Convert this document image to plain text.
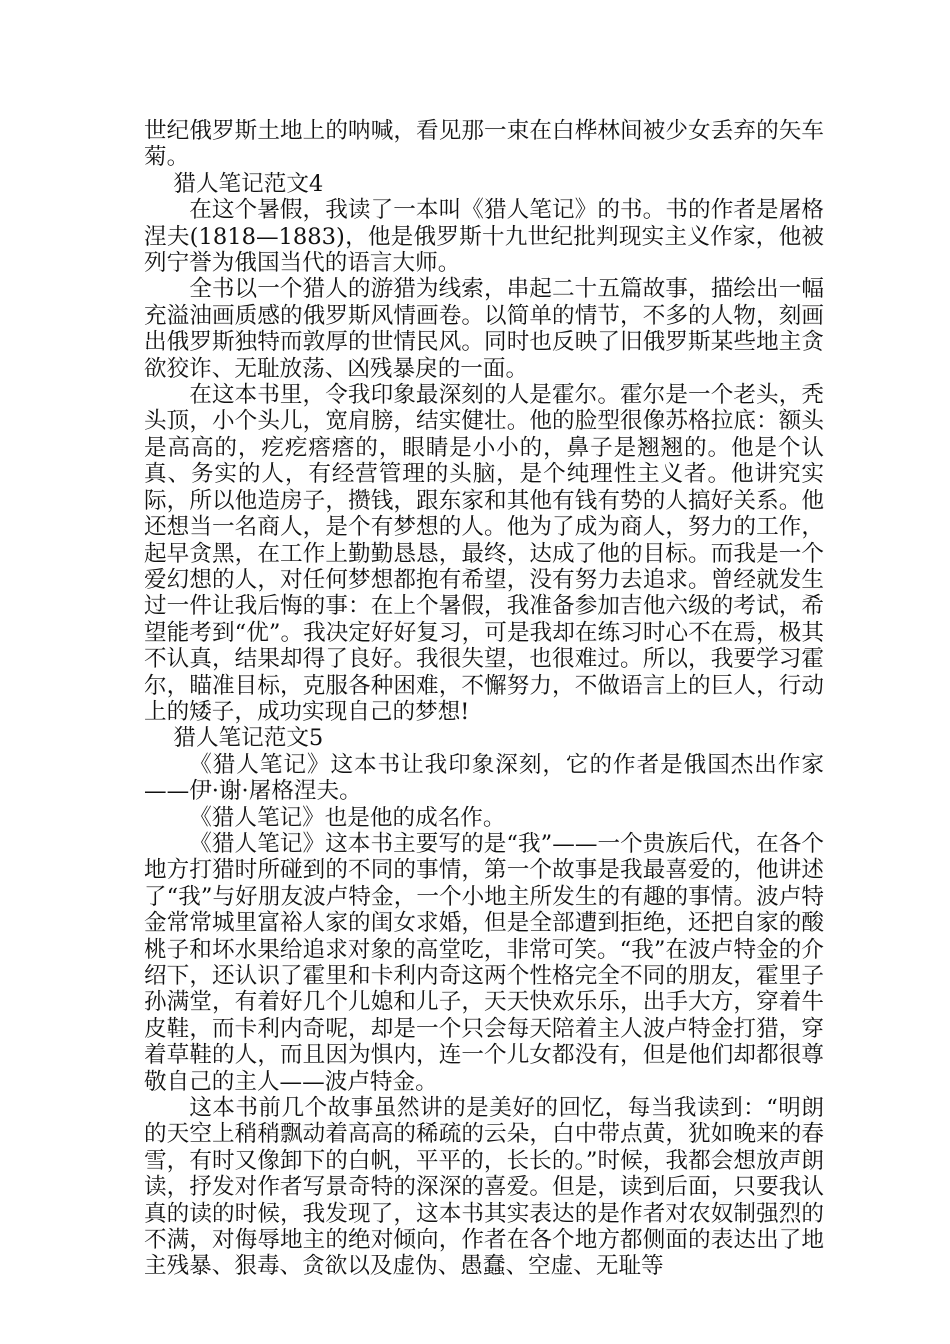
世纪俄罗斯土地上的呐喊，看见那一束在白桦林间被少女丢弃的矢车菊。

猎人笔记范文4

在这个暑假，我读了一本叫《猎人笔记》的书。书的作者是屠格涅夫(1818—1883)，他是俄罗斯十九世纪批判现实主义作家，他被列宁誉为俄国当代的语言大师。

全书以一个猎人的游猎为线索，串起二十五篇故事，描绘出一幅充溢油画质感的俄罗斯风情画卷。以简单的情节，不多的人物，刻画出俄罗斯独特而敦厚的世情民风。同时也反映了旧俄罗斯某些地主贪欲狡诈、无耻放荡、凶残暴戾的一面。

在这本书里，令我印象最深刻的人是霍尔。霍尔是一个老头，秃头顶，小个头儿，宽肩膀，结实健壮。他的脸型很像苏格拉底：额头是高高的，疙疙瘩瘩的，眼睛是小小的，鼻子是翘翘的。他是个认真、务实的人，有经营管理的头脑，是个纯理性主义者。他讲究实际，所以他造房子，攒钱，跟东家和其他有钱有势的人搞好关系。他还想当一名商人，是个有梦想的人。他为了成为商人，努力的工作，起早贪黑，在工作上勤勤恳恳，最终，达成了他的目标。而我是一个爱幻想的人，对任何梦想都抱有希望，没有努力去追求。曾经就发生过一件让我后悔的事：在上个暑假，我准备参加吉他六级的考试，希望能考到“优”。我决定好好复习，可是我却在练习时心不在焉，极其不认真，结果却得了良好。我很失望，也很难过。所以，我要学习霍尔，瞄准目标，克服各种困难，不懈努力，不做语言上的巨人，行动上的矮子，成功实现自己的梦想!

猎人笔记范文5

《猎人笔记》这本书让我印象深刻，它的作者是俄国杰出作家——伊·谢·屠格涅夫。

《猎人笔记》也是他的成名作。

《猎人笔记》这本书主要写的是“我”——一个贵族后代，在各个地方打猎时所碰到的不同的事情，第一个故事是我最喜爱的，他讲述了“我”与好朋友波卢特金，一个小地主所发生的有趣的事情。波卢特金常常城里富裕人家的闺女求婚，但是全部遭到拒绝，还把自家的酸桃子和坏水果给追求对象的高堂吃，非常可笑。“我”在波卢特金的介绍下，还认识了霍里和卡利内奇这两个性格完全不同的朋友，霍里子孙满堂，有着好几个儿媳和儿子，天天快欢乐乐，出手大方，穿着牛皮鞋，而卡利内奇呢，却是一个只会每天陪着主人波卢特金打猎，穿着草鞋的人，而且因为惧内，连一个儿女都没有，但是他们却都很尊敬自己的主人——波卢特金。

这本书前几个故事虽然讲的是美好的回忆，每当我读到：“明朗的天空上稍稍飘动着高高的稀疏的云朵，白中带点黄，犹如晚来的春雪，有时又像卸下的白帆，平平的，长长的。”时候，我都会想放声朗读，抒发对作者写景奇特的深深的喜爱。但是，读到后面，只要我认真的读的时候，我发现了，这本书其实表达的是作者对农奴制强烈的不满，对侮辱地主的绝对倾向，作者在各个地方都侧面的表达出了地主残暴、狠毒、贪欲以及虚伪、愚蠢、空虚、无耻等
